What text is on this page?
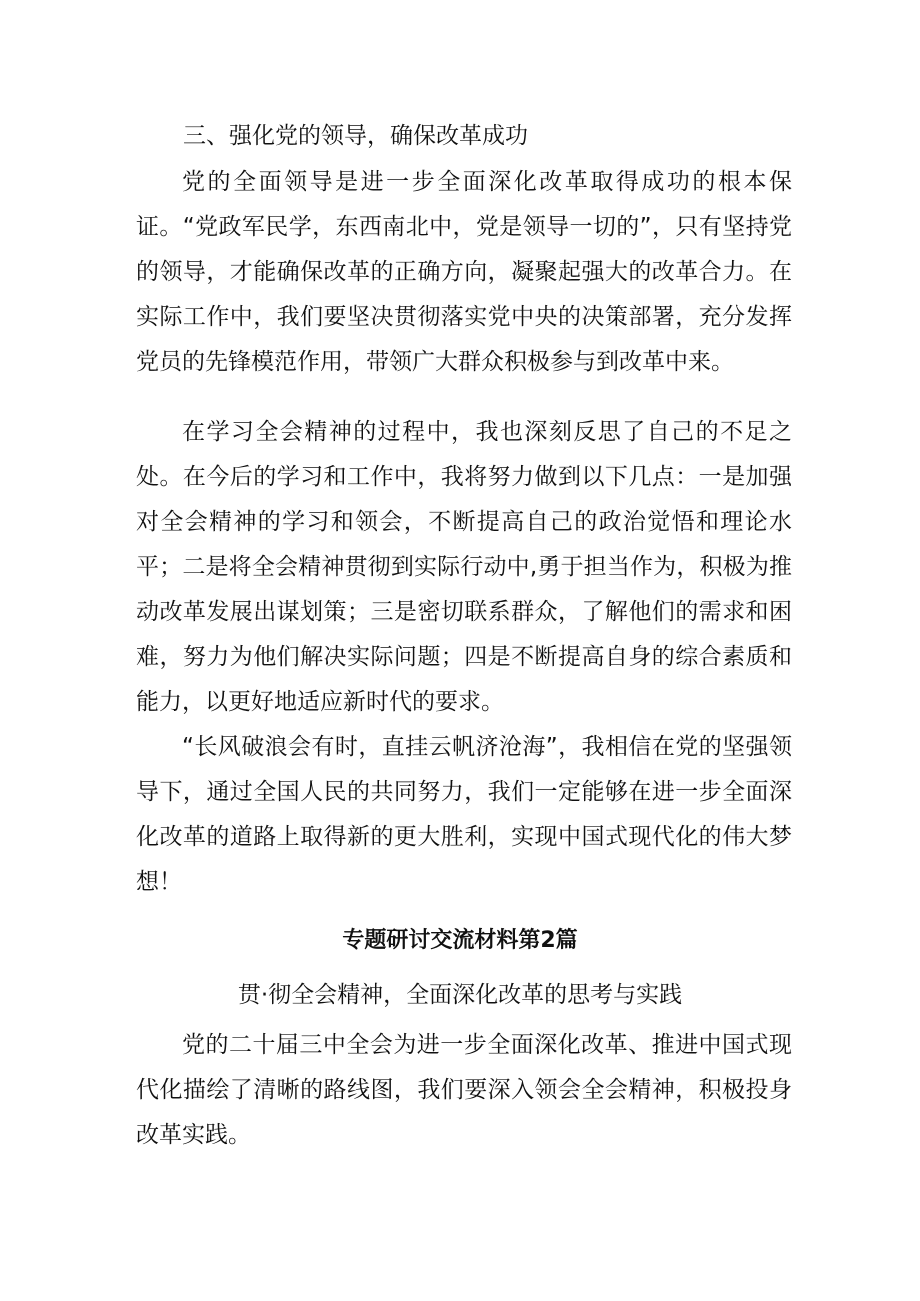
三、强化党的领导，确保改革成功

党的全面领导是进一步全面深化改革取得成功的根本保证。“党政军民学，东西南北中，党是领导一切的”，只有坚持党的领导，才能确保改革的正确方向，凝聚起强大的改革合力。在实际工作中，我们要坚决贯彻落实党中央的决策部署，充分发挥党员的先锋模范作用，带领广大群众积极参与到改革中来。

在学习全会精神的过程中，我也深刻反思了自己的不足之处。在今后的学习和工作中，我将努力做到以下几点：一是加强对全会精神的学习和领会，不断提高自己的政治觉悟和理论水平；二是将全会精神贯彻到实际行动中,勇于担当作为，积极为推动改革发展出谋划策；三是密切联系群众，了解他们的需求和困难，努力为他们解决实际问题；四是不断提高自身的综合素质和能力，以更好地适应新时代的要求。

“长风破浪会有时，直挂云帆济沧海”，我相信在党的坚强领导下，通过全国人民的共同努力，我们一定能够在进一步全面深化改革的道路上取得新的更大胜利，实现中国式现代化的伟大梦想！

专题研讨交流材料第2篇
贯·彻全会精神，全面深化改革的思考与实践

党的二十届三中全会为进一步全面深化改革、推进中国式现代化描绘了清晰的路线图，我们要深入领会全会精神，积极投身改革实践。
